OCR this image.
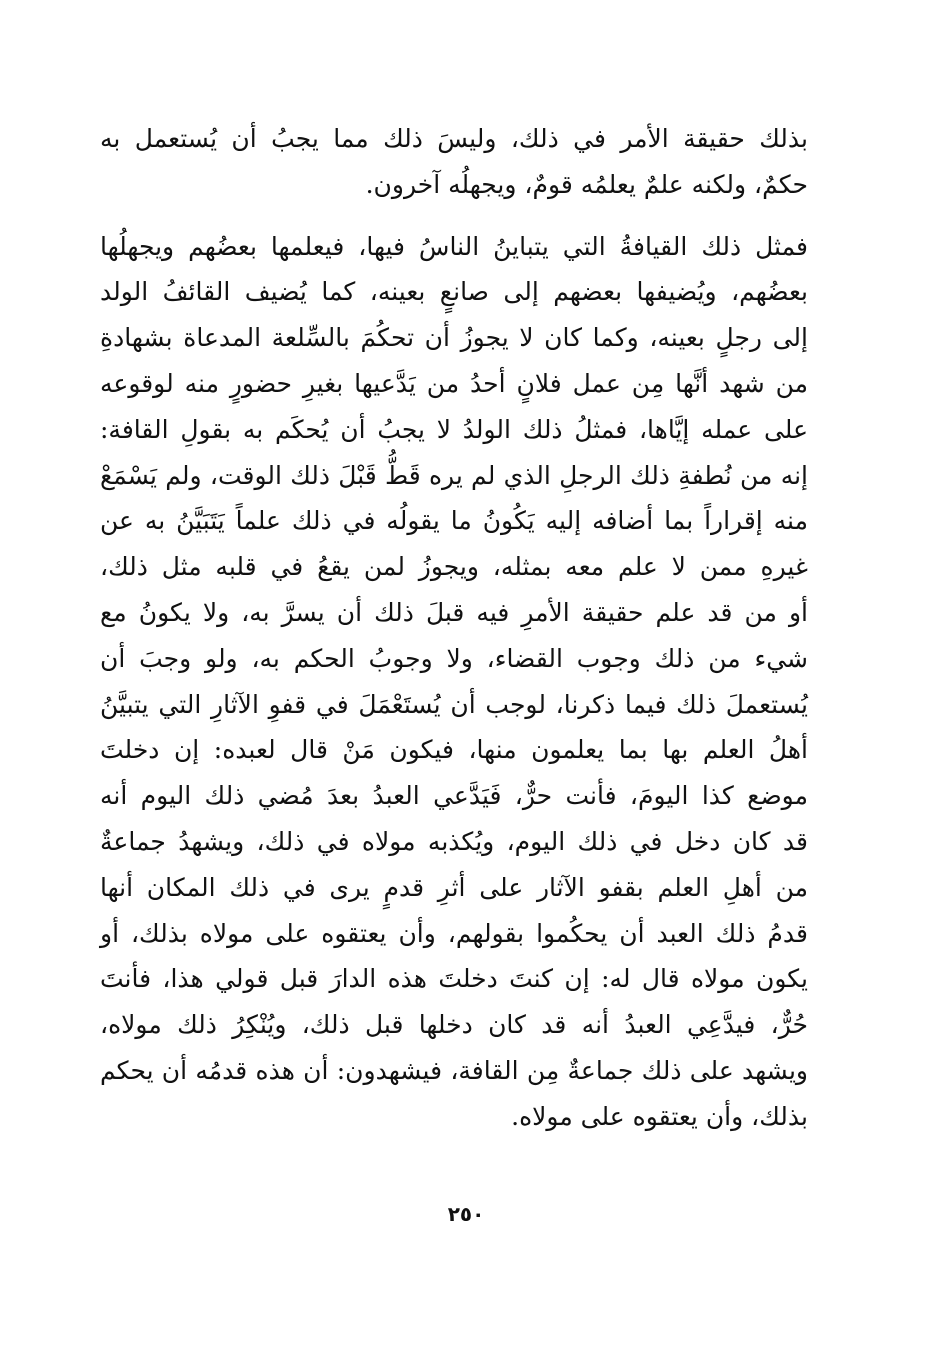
بذلك حقيقة الأمر في ذلك، وليسَ ذلك مما يجبُ أن يُستعمل به
حكمٌ، ولكنه علمٌ يعلمُه قومٌ، ويجهلُه آخرون.
فمثل ذلك القيافةُ التي يتباينُ الناسُ فيها، فيعلمها بعضُهم ويجهلُها
بعضُهم، ويُضيفها بعضهم إلى صانعٍ بعينه، كما يُضيف القائفُ الولد
إلى رجلٍ بعينه، وكما كان لا يجوزُ أن تحكُمَ بالسِّلعة المدعاة بشهادةِ
من شهد أنَّها مِن عمل فلانٍ أحدُ من يَدَّعيها بغيرِ حضورٍ منه لوقوعه
على عمله إيَّاها، فمثلُ ذلك الولدُ لا يجبُ أن يُحكَم به بقولِ القافة:
إنه من نُطفةِ ذلك الرجلِ الذي لم يره قَطُّ قَبْلَ ذلك الوقت، ولم يَسْمَعْ
منه إقراراً بما أضافه إليه يَكُونُ ما يقولُه في ذلك علماً يَتَبَيَّنُ به عن
غيرهِ ممن لا علم معه بمثله، ويجوزُ لمن يقعُ في قلبه مثل ذلك،
أو من قد علم حقيقة الأمرِ فيه قبلَ ذلك أن يسرَّ به، ولا يكونُ مع
شيء من ذلك وجوب القضاء، ولا وجوبُ الحكم به، ولو وجبَ أن
يُستعملَ ذلك فيما ذكرنا، لوجب أن يُستَعْمَلَ في قفوِ الآثارِ التي يتبيَّنُ
أهلُ العلم بها بما يعلمون منها، فيكون مَنْ قال لعبده: إن دخلتَ
موضع كذا اليومَ، فأنت حرٌّ، فَيَدَّعي العبدُ بعدَ مُضي ذلك اليوم أنه
قد كان دخل في ذلك اليوم، ويُكذبه مولاه في ذلك، ويشهدُ جماعةٌ
من أهلِ العلم بقفو الآثار على أثرِ قدمٍ يرى في ذلك المكان أنها
قدمُ ذلك العبد أن يحكُموا بقولهم، وأن يعتقوه على مولاه بذلك، أو
يكون مولاه قال له: إن كنتَ دخلتَ هذه الدارَ قبل قولي هذا، فأنتَ
حُرٌّ، فيدَّعِي العبدُ أنه قد كان دخلها قبل ذلك، ويُنْكِرُ ذلك مولاه،
ويشهد على ذلك جماعةٌ مِن القافة، فيشهدون: أن هذه قدمُه أن يحكم
بذلك، وأن يعتقوه على مولاه.
٢٥٠
